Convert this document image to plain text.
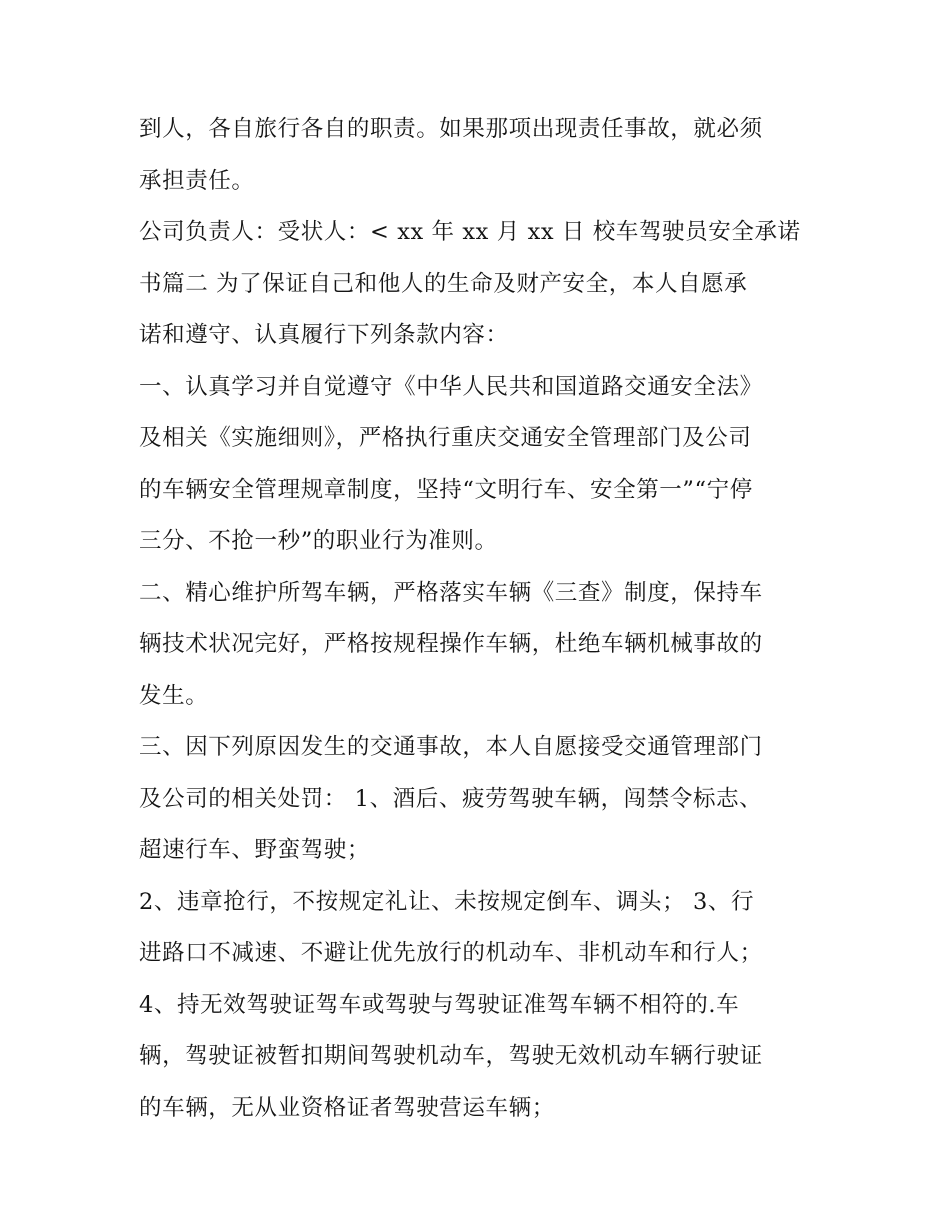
到人，各自旅行各自的职责。如果那项出现责任事故，就必须
承担责任。
公司负责人：受状人：< xx 年 xx 月 xx 日 校车驾驶员安全承诺
书篇二 为了保证自己和他人的生命及财产安全，本人自愿承
诺和遵守、认真履行下列条款内容：
一、认真学习并自觉遵守《中华人民共和国道路交通安全法》
及相关《实施细则》，严格执行重庆交通安全管理部门及公司
的车辆安全管理规章制度，坚持“文明行车、安全第一”“宁停
三分、不抢一秒”的职业行为准则。
二、精心维护所驾车辆，严格落实车辆《三查》制度，保持车
辆技术状况完好，严格按规程操作车辆，杜绝车辆机械事故的
发生。
三、因下列原因发生的交通事故，本人自愿接受交通管理部门
及公司的相关处罚： 1、酒后、疲劳驾驶车辆，闯禁令标志、
超速行车、野蛮驾驶；
2、违章抢行，不按规定礼让、未按规定倒车、调头； 3、行
进路口不减速、不避让优先放行的机动车、非机动车和行人；
4、持无效驾驶证驾车或驾驶与驾驶证准驾车辆不相符的.车
辆，驾驶证被暂扣期间驾驶机动车，驾驶无效机动车辆行驶证
的车辆，无从业资格证者驾驶营运车辆；
